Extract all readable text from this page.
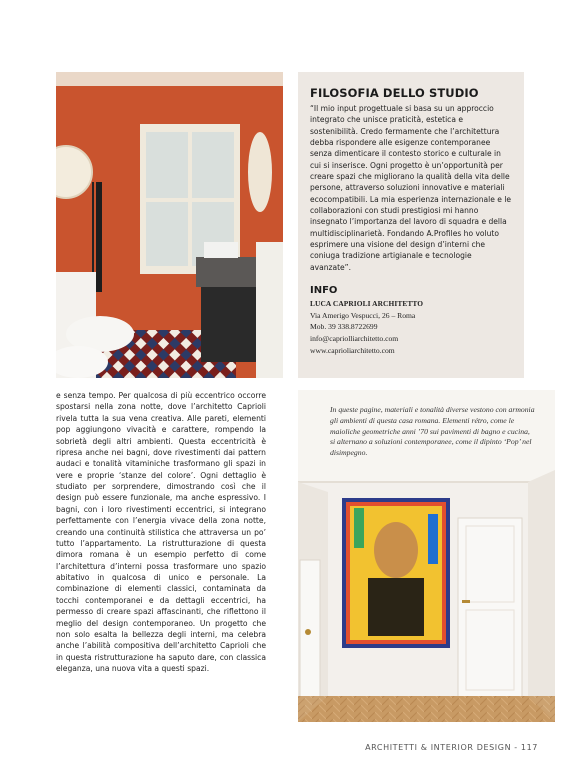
FILOSOFIA DELLO STUDIO

“Il mio input progettuale si basa su un approccio integrato che unisce praticità, estetica e sostenibilità. Credo fermamente che l’architettura debba rispondere alle esigenze contemporanee senza dimenticare il contesto storico e culturale in cui si inserisce. Ogni progetto è un’opportunità per creare spazi che migliorano la qualità della vita delle persone, attraverso soluzioni innovative e materiali ecocompatibili. La mia esperienza internazionale e le collaborazioni con studi prestigiosi mi hanno insegnato l’importanza del lavoro di squadra e della multidisciplinarietà. Fondando A.Profiles ho voluto esprimere una visione del design d’interni che coniuga tradizione artigianale e tecnologie avanzate”.

INFO

LUCA CAPRIOLI ARCHITETTO

Via Amerigo Vespucci, 26 – Roma

Mob. 39 338.8722699

info@capriolliarchitetto.com

www.caprioliarchitetto.com

e senza tempo. Per qualcosa di più eccentrico occorre spostarsi nella zona notte, dove l’architetto Caprioli rivela tutta la sua vena creativa. Alle pareti, elementi pop aggiungono vivacità e carattere, rompendo la sobrietà degli altri ambienti. Questa eccentricità è ripresa anche nei bagni, dove rivestimenti dai pattern audaci e tonalità vitaminiche trasformano gli spazi in vere e proprie ‘stanze del colore’. Ogni dettaglio è studiato per sorprendere, dimostrando così che il design può essere funzionale, ma anche espressivo. I bagni, con i loro rivestimenti eccentrici, si integrano perfettamente con l’energia vivace della zona notte, creando una continuità stilistica che attraversa un po’ tutto l’appartamento. La ristrutturazione di questa dimora romana è un esempio perfetto di come l’architettura d’interni possa trasformare uno spazio abitativo in qualcosa di unico e personale. La combinazione di elementi classici, contaminata da tocchi contemporanei e da dettagli eccentrici, ha permesso di creare spazi affascinanti, che riflettono il meglio del design contemporaneo. Un progetto che non solo esalta la bellezza degli interni, ma celebra anche l’abilità compositiva dell’architetto Caprioli che in questa ristrutturazione ha saputo dare, con classica eleganza, una nuova vita a questi spazi.

In queste pagine, materiali e tonalità diverse vestono con armonia gli ambienti di questa casa romana. Elementi rétro, come le maioliche geometriche anni ’70 sui pavimenti di bagno e cucina, si alternano a soluzioni contemporanee, come il dipinto ‘Pop’ nel disimpegno.

ARCHITETTI & INTERIOR DESIGN - 117
